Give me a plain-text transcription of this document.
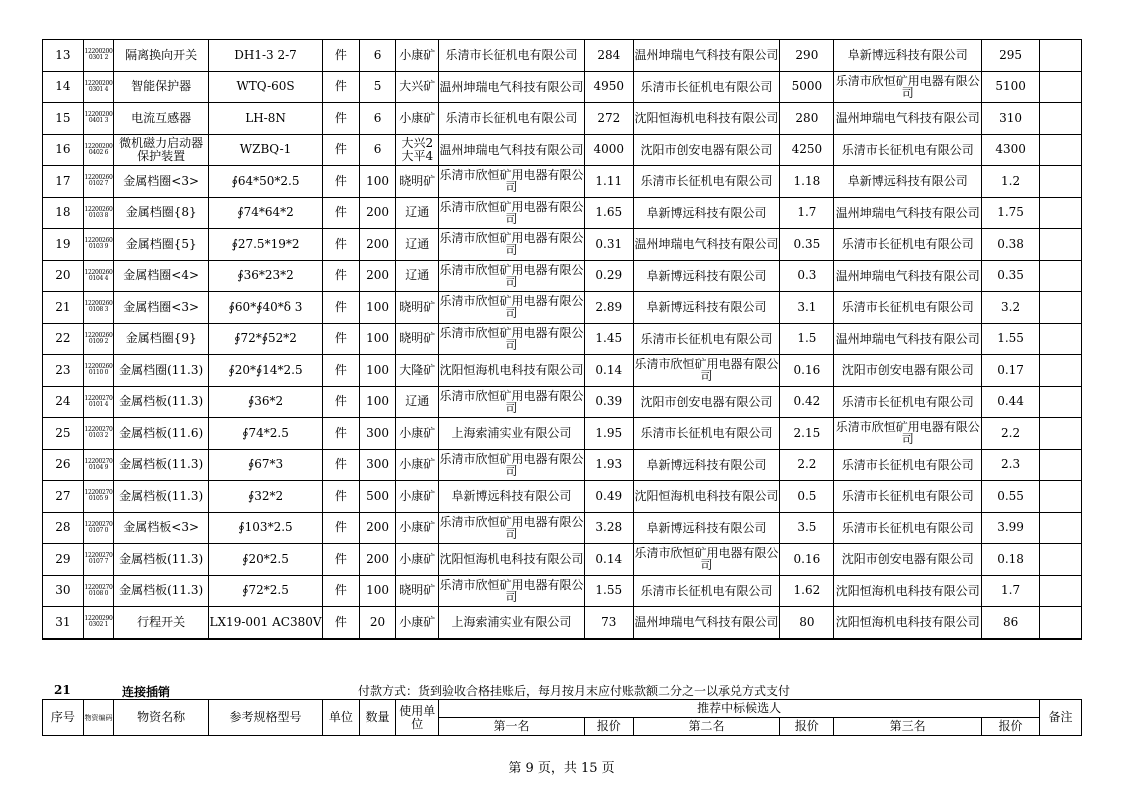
13	122002000301 2	隔离换向开关	DH1-3 2-7	件	6	小康矿	乐清市长征机电有限公司	284	温州坤瑞电气科技有限公司	290	阜新博远科技有限公司	295	
14	122002000301 4	智能保护器	WTQ-60S	件	5	大兴矿	温州坤瑞电气科技有限公司	4950	乐清市长征机电有限公司	5000	乐清市欣恒矿用电器有限公司	5100	
15	122002000401 3	电流互感器	LH-8N	件	6	小康矿	乐清市长征机电有限公司	272	沈阳恒海机电科技有限公司	280	温州坤瑞电气科技有限公司	310	
16	122002000402 6	微机磁力启动器保护装置	WZBQ-1	件	6	大兴2 大平4	温州坤瑞电气科技有限公司	4000	沈阳市创安电器有限公司	4250	乐清市长征机电有限公司	4300	
17	122002600102 7	金属档圈<3>	∮64*50*2.5	件	100	晓明矿	乐清市欣恒矿用电器有限公司	1.11	乐清市长征机电有限公司	1.18	阜新博远科技有限公司	1.2	
18	122002600103 8	金属档圈{8}	∮74*64*2	件	200	辽通	乐清市欣恒矿用电器有限公司	1.65	阜新博远科技有限公司	1.7	温州坤瑞电气科技有限公司	1.75	
19	122002600103 9	金属档圈{5}	∮27.5*19*2	件	200	辽通	乐清市欣恒矿用电器有限公司	0.31	温州坤瑞电气科技有限公司	0.35	乐清市长征机电有限公司	0.38	
20	122002600104 4	金属档圈<4>	∮36*23*2	件	200	辽通	乐清市欣恒矿用电器有限公司	0.29	阜新博远科技有限公司	0.3	温州坤瑞电气科技有限公司	0.35	
21	122002600108 3	金属档圈<3>	∮60*∮40*δ 3	件	100	晓明矿	乐清市欣恒矿用电器有限公司	2.89	阜新博远科技有限公司	3.1	乐清市长征机电有限公司	3.2	
22	122002600109 2	金属档圈{9}	∮72*∮52*2	件	100	晓明矿	乐清市欣恒矿用电器有限公司	1.45	乐清市长征机电有限公司	1.5	温州坤瑞电气科技有限公司	1.55	
23	122002600110 0	金属档圈(11.3)	∮20*∮14*2.5	件	100	大隆矿	沈阳恒海机电科技有限公司	0.14	乐清市欣恒矿用电器有限公司	0.16	沈阳市创安电器有限公司	0.17	
24	122002700101 4	金属档板(11.3)	∮36*2	件	100	辽通	乐清市欣恒矿用电器有限公司	0.39	沈阳市创安电器有限公司	0.42	乐清市长征机电有限公司	0.44	
25	122002700103 2	金属档板(11.6)	∮74*2.5	件	300	小康矿	上海索浦实业有限公司	1.95	乐清市长征机电有限公司	2.15	乐清市欣恒矿用电器有限公司	2.2	
26	122002700104 9	金属档板(11.3)	∮67*3	件	300	小康矿	乐清市欣恒矿用电器有限公司	1.93	阜新博远科技有限公司	2.2	乐清市长征机电有限公司	2.3	
27	122002700105 9	金属档板(11.3)	∮32*2	件	500	小康矿	阜新博远科技有限公司	0.49	沈阳恒海机电科技有限公司	0.5	乐清市长征机电有限公司	0.55	
28	122002700107 0	金属档板<3>	∮103*2.5	件	200	小康矿	乐清市欣恒矿用电器有限公司	3.28	阜新博远科技有限公司	3.5	乐清市长征机电有限公司	3.99	
29	122002700107 7	金属档板(11.3)	∮20*2.5	件	200	小康矿	沈阳恒海机电科技有限公司	0.14	乐清市欣恒矿用电器有限公司	0.16	沈阳市创安电器有限公司	0.18	
30	122002700108 0	金属档板(11.3)	∮72*2.5	件	100	晓明矿	乐清市欣恒矿用电器有限公司	1.55	乐清市长征机电有限公司	1.62	沈阳恒海机电科技有限公司	1.7	
31	122002900302 1	行程开关	LX19-001 AC380V	件	20	小康矿	上海索浦实业有限公司	73	温州坤瑞电气科技有限公司	80	沈阳恒海机电科技有限公司	86	
21	连接插销	付款方式：货到验收合格挂账后，每月按月末应付账款额二分之一以承兑方式支付
序号	物资编码	物资名称	参考规格型号	单位	数量	使用单位	推荐中标候选人						备注
							第一名	报价	第二名	报价	第三名	报价	
第 9 页，共 15 页
